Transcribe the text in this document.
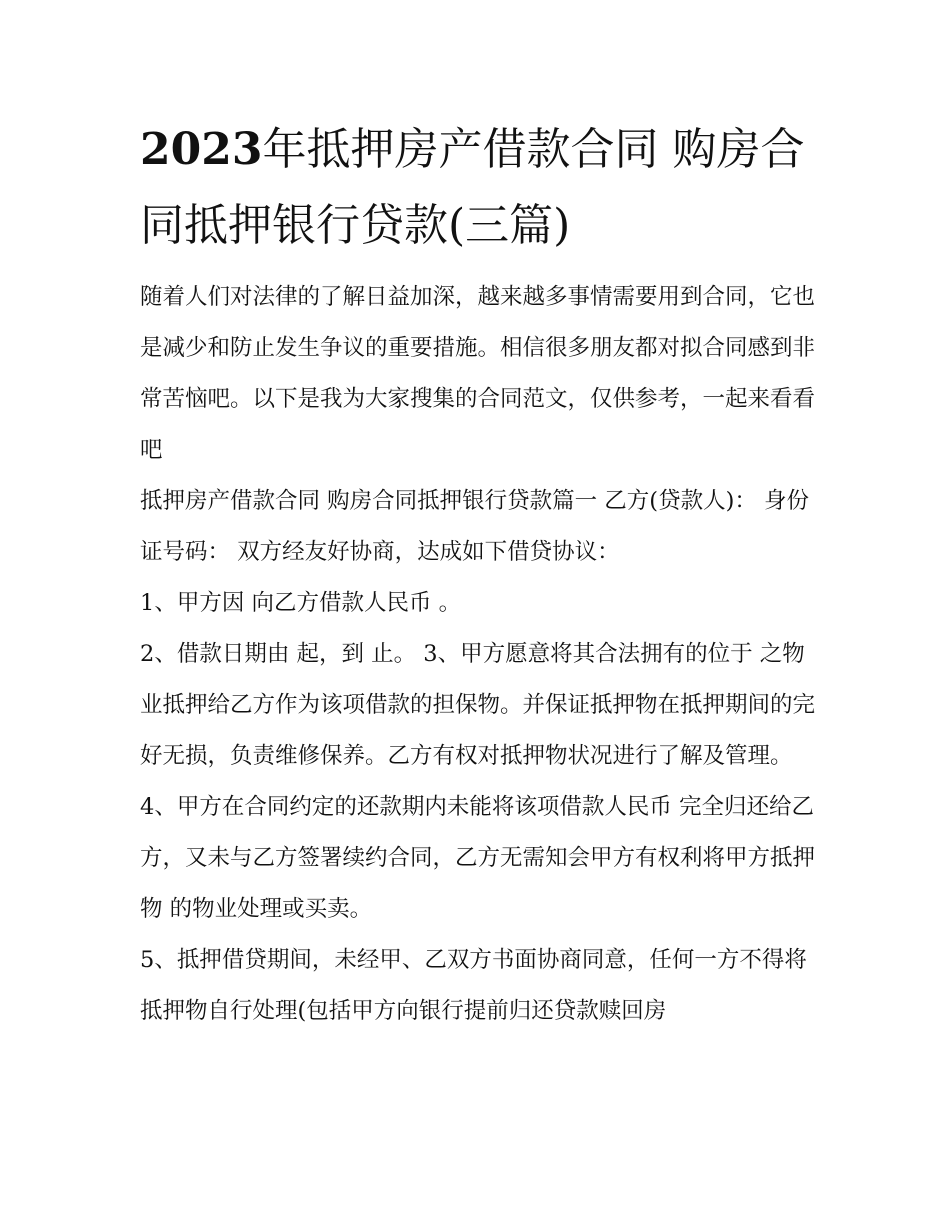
2023年抵押房产借款合同 购房合同抵押银行贷款(三篇)

随着人们对法律的了解日益加深，越来越多事情需要用到合同，它也是减少和防止发生争议的重要措施。相信很多朋友都对拟合同感到非常苦恼吧。以下是我为大家搜集的合同范文，仅供参考，一起来看看吧

抵押房产借款合同 购房合同抵押银行贷款篇一 乙方(贷款人)： 身份证号码： 双方经友好协商，达成如下借贷协议：

1、甲方因 向乙方借款人民币 。

2、借款日期由 起，到 止。 3、甲方愿意将其合法拥有的位于 之物业抵押给乙方作为该项借款的担保物。并保证抵押物在抵押期间的完好无损，负责维修保养。乙方有权对抵押物状况进行了解及管理。

4、甲方在合同约定的还款期内未能将该项借款人民币 完全归还给乙方，又未与乙方签署续约合同，乙方无需知会甲方有权利将甲方抵押物 的物业处理或买卖。

5、抵押借贷期间，未经甲、乙双方书面协商同意，任何一方不得将抵押物自行处理(包括甲方向银行提前归还贷款赎回房
